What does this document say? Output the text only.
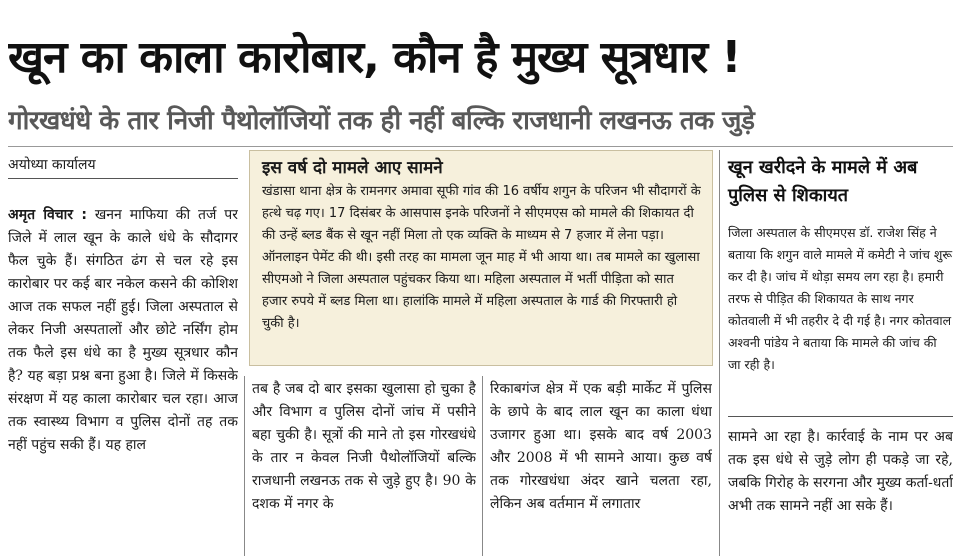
खून का काला कारोबार, कौन है मुख्य सूत्रधार !
गोरखधंधे के तार निजी पैथोलॉजियों तक ही नहीं बल्कि राजधानी लखनऊ तक जुड़े
अयोध्या कार्यालय
अमृत विचार : खनन माफिया की तर्ज पर जिले में लाल खून के काले धंधे के सौदागर फैल चुके हैं। संगठित ढंग से चल रहे इस कारोबार पर कई बार नकेल कसने की कोशिश आज तक सफल नहीं हुई। जिला अस्पताल से लेकर निजी अस्पतालों और छोटे नर्सिंग होम तक फैले इस धंधे का है मुख्य सूत्रधार कौन है? यह बड़ा प्रश्न बना हुआ है। जिले में किसके संरक्षण में यह काला कारोबार चल रहा। आज तक स्वास्थ्य विभाग व पुलिस दोनों तह तक नहीं पहुंच सकी हैं। यह हाल
इस वर्ष दो मामले आए सामने
खंडासा थाना क्षेत्र के रामनगर अमावा सूफी गांव की 16 वर्षीय शगुन के परिजन भी सौदागरों के हत्थे चढ़ गए। 17 दिसंबर के आसपास इनके परिजनों ने सीएमएस को मामले की शिकायत दी की उन्हें ब्लड बैंक से खून नहीं मिला तो एक व्यक्ति के माध्यम से 7 हजार में लेना पड़ा। ऑनलाइन पेमेंट की थी। इसी तरह का मामला जून माह में भी आया था। तब मामले का खुलासा सीएमओ ने जिला अस्पताल पहुंचकर किया था। महिला अस्पताल में भर्ती पीड़िता को सात हजार रुपये में ब्लड मिला था। हालांकि मामले में महिला अस्पताल के गार्ड की गिरफ्तारी हो चुकी है।
खून खरीदने के मामले में अब पुलिस से शिकायत
जिला अस्पताल के सीएमएस डॉ. राजेश सिंह ने बताया कि शगुन वाले मामले में कमेटी ने जांच शुरू कर दी है। जांच में थोड़ा समय लग रहा है। हमारी तरफ से पीड़ित की शिकायत के साथ नगर कोतवाली में भी तहरीर दे दी गई है। नगर कोतवाल अश्वनी पांडेय ने बताया कि मामले की जांच की जा रही है।
तब है जब दो बार इसका खुलासा हो चुका है और विभाग व पुलिस दोनों जांच में पसीने बहा चुकी है। सूत्रों की माने तो इस गोरखधंधे के तार न केवल निजी पैथोलॉजियों बल्कि राजधानी लखनऊ तक से जुड़े हुए है। 90 के दशक में नगर के
रिकाबगंज क्षेत्र में एक बड़ी मार्केट में पुलिस के छापे के बाद लाल खून का काला धंधा उजागर हुआ था। इसके बाद वर्ष 2003 और 2008 में भी सामने आया। कुछ वर्ष तक गोरखधंधा अंदर खाने चलता रहा, लेकिन अब वर्तमान में लगातार
सामने आ रहा है। कार्रवाई के नाम पर अब तक इस धंधे से जुड़े लोग ही पकड़े जा रहे, जबकि गिरोह के सरगना और मुख्य कर्ता-धर्ता अभी तक सामने नहीं आ सके हैं।
